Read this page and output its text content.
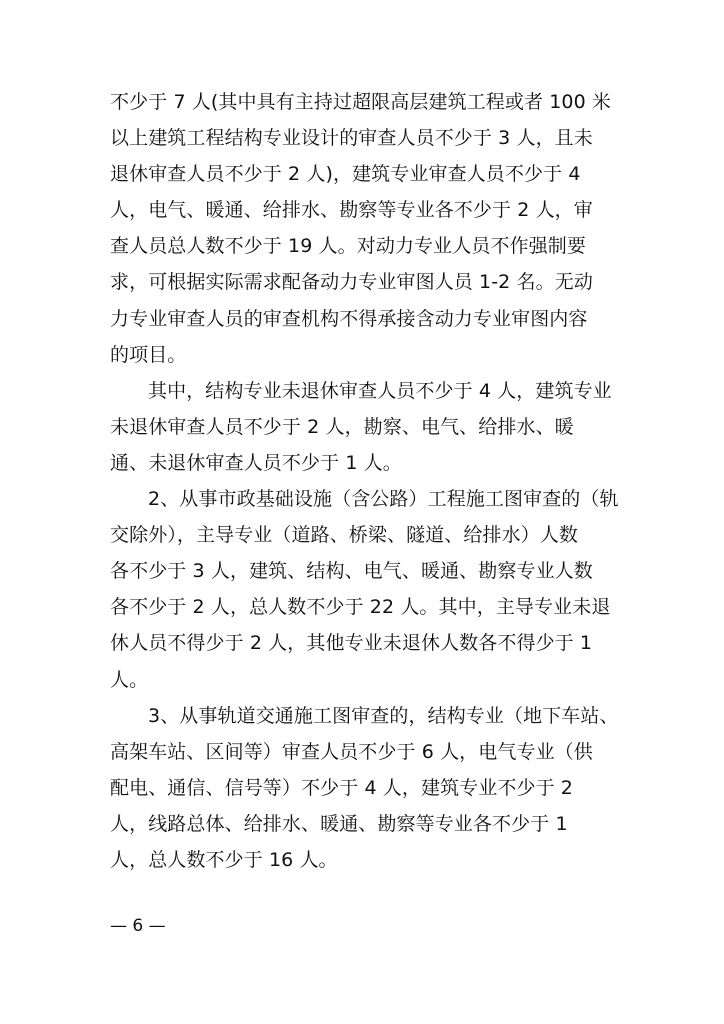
不少于 7 人(其中具有主持过超限高层建筑工程或者 100 米
以上建筑工程结构专业设计的审查人员不少于 3 人，且未
退休审查人员不少于 2 人)，建筑专业审查人员不少于 4
人，电气、暖通、给排水、勘察等专业各不少于 2 人，审
查人员总人数不少于 19 人。对动力专业人员不作强制要
求，可根据实际需求配备动力专业审图人员 1-2 名。无动
力专业审查人员的审查机构不得承接含动力专业审图内容
的项目。
其中，结构专业未退休审查人员不少于 4 人，建筑专业
未退休审查人员不少于 2 人，勘察、电气、给排水、暖
通、未退休审查人员不少于 1 人。
2、从事市政基础设施（含公路）工程施工图审查的（轨
交除外），主导专业（道路、桥梁、隧道、给排水）人数
各不少于 3 人，建筑、结构、电气、暖通、勘察专业人数
各不少于 2 人，总人数不少于 22 人。其中，主导专业未退
休人员不得少于 2 人，其他专业未退休人数各不得少于 1
人。
3、从事轨道交通施工图审查的，结构专业（地下车站、
高架车站、区间等）审查人员不少于 6 人，电气专业（供
配电、通信、信号等）不少于 4 人，建筑专业不少于 2
人，线路总体、给排水、暖通、勘察等专业各不少于 1
人，总人数不少于 16 人。
— 6 —
